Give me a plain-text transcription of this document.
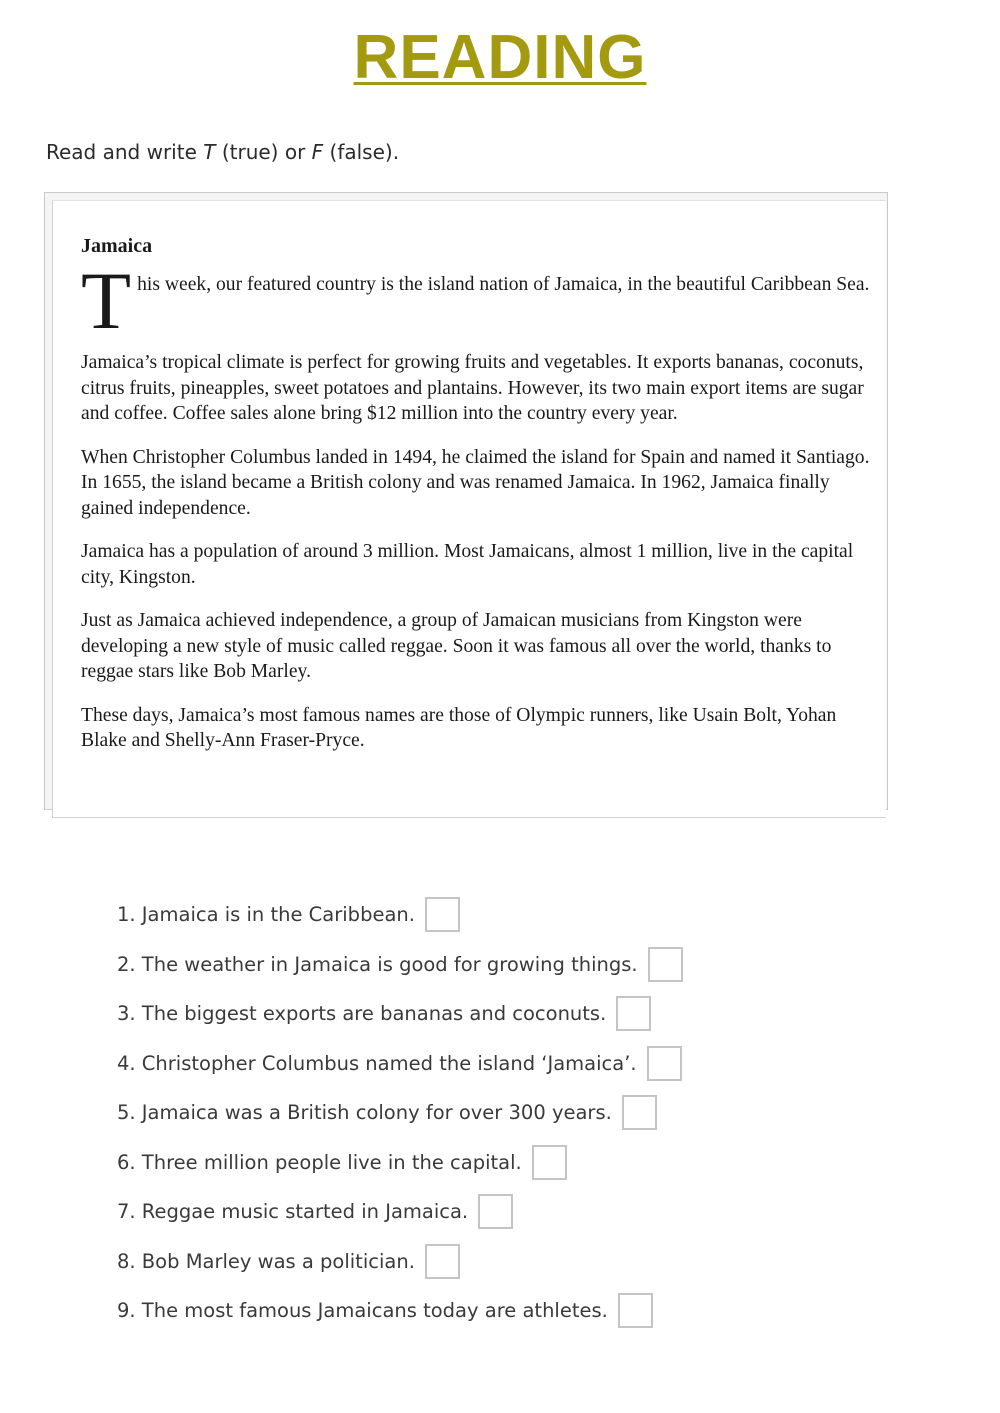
READING
Read and write T (true) or F (false).
Jamaica
T his week, our featured country is the island nation of Jamaica, in the beautiful Caribbean Sea.

Jamaica’s tropical climate is perfect for growing fruits and vegetables. It exports bananas, coconuts, citrus fruits, pineapples, sweet potatoes and plantains. However, its two main export items are sugar and coffee. Coffee sales alone bring $12 million into the country every year.

When Christopher Columbus landed in 1494, he claimed the island for Spain and named it Santiago. In 1655, the island became a British colony and was renamed Jamaica. In 1962, Jamaica finally gained independence.

Jamaica has a population of around 3 million. Most Jamaicans, almost 1 million, live in the capital city, Kingston.

Just as Jamaica achieved independence, a group of Jamaican musicians from Kingston were developing a new style of music called reggae. Soon it was famous all over the world, thanks to reggae stars like Bob Marley.

These days, Jamaica’s most famous names are those of Olympic runners, like Usain Bolt, Yohan Blake and Shelly-Ann Fraser-Pryce.

1. Jamaica is in the Caribbean.
2. The weather in Jamaica is good for growing things.
3. The biggest exports are bananas and coconuts.
4. Christopher Columbus named the island ‘Jamaica’.
5. Jamaica was a British colony for over 300 years.
6. Three million people live in the capital.
7. Reggae music started in Jamaica.
8. Bob Marley was a politician.
9. The most famous Jamaicans today are athletes.
